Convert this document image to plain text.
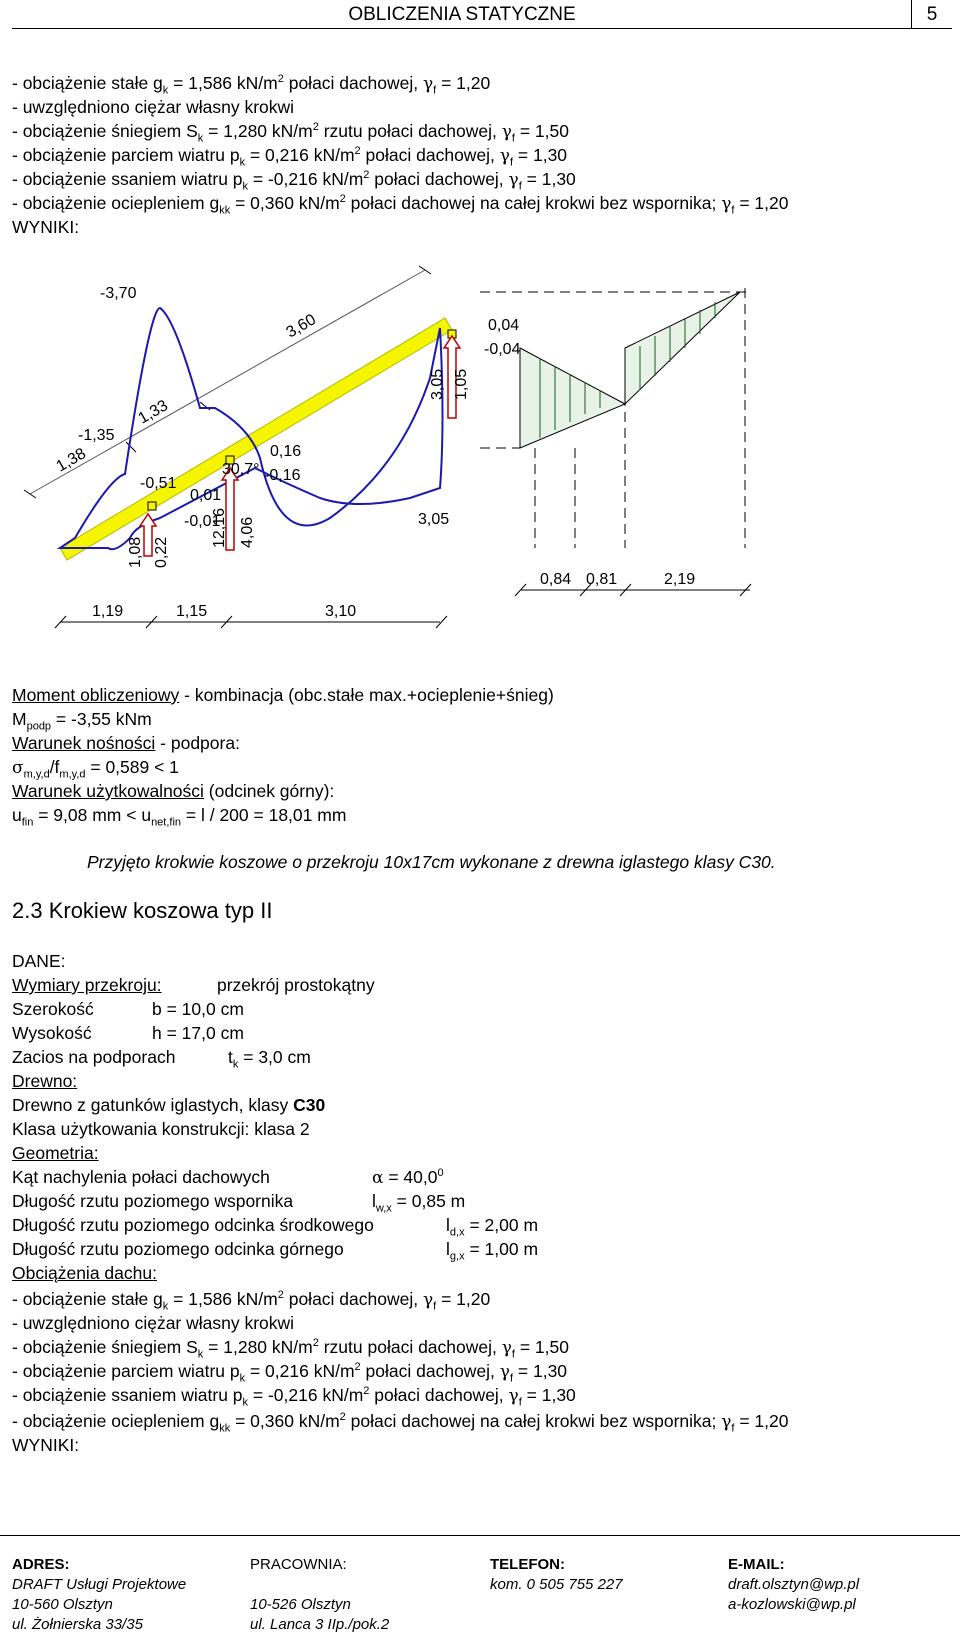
OBLICZENIA STATYCZNE	5
- obciążenie stałe $g_k = 1,586$ $kN/m^2$ połaci dachowej, $\gamma_f = 1,20$
- uwzględniono ciężar własny krokwi
- obciążenie śniegiem $S_k = 1,280$ $kN/m^2$ rzutu połaci dachowej, $\gamma_f = 1,50$
- obciążenie parciem wiatru $p_k = 0,216$ $kN/m^2$ połaci dachowej, $\gamma_f = 1,30$
- obciążenie ssaniem wiatru $p_k = -0,216$ $kN/m^2$ połaci dachowej, $\gamma_f = 1,30$
- obciążenie ociepleniem $g_{kk} = 0,360$ $kN/m^2$ połaci dachowej na całej krokwi bez wspornika; $\gamma_f = 1,20$
WYNIKI:
-3,70
3,60
1,33
-1,35
1,38
-0,51
0,01
-0,01
30,7°
0,16
-0,16
3,05 1,05
3,05
0,04
-0,04
1,08 0,22
12,16 4,06
1,19	1,15	3,10
0,84 0,81	2,19
Moment obliczeniowy - kombinacja (obc.stałe max.+ocieplenie+śnieg)
$M_{podp} = -3,55$ kNm
Warunek nośności - podpora:
$\sigma_{m,y,d}/f_{m,y,d} = 0,589 < 1$
Warunek użytkowalności (odcinek górny):
$u_{fin} = 9,08$ mm < $u_{net,fin} = l / 200 = 18,01$ mm
Przyjęto krokwie koszowe o przekroju 10x17cm wykonane z drewna iglastego klasy C30.
2.3 Krokiew koszowa typ II
DANE:
Wymiary przekroju:	przekrój prostokątny
Szerokość	b = 10,0 cm
Wysokość	h = 17,0 cm
Zacios na podporach	$t_k = 3,0$ cm
Drewno:
Drewno z gatunków iglastych, klasy C30
Klasa użytkowania konstrukcji: klasa 2
Geometria:
Kąt nachylenia połaci dachowych	$\alpha = 40,0^0$
Długość rzutu poziomego wspornika	$l_{w,x} = 0,85$ m
Długość rzutu poziomego odcinka środkowego	$l_{d,x} = 2,00$ m
Długość rzutu poziomego odcinka górnego	$l_{g,x} = 1,00$ m
Obciążenia dachu:
- obciążenie stałe $g_k = 1,586$ $kN/m^2$ połaci dachowej, $\gamma_f = 1,20$
- uwzględniono ciężar własny krokwi
- obciążenie śniegiem $S_k = 1,280$ $kN/m^2$ rzutu połaci dachowej, $\gamma_f = 1,50$
- obciążenie parciem wiatru $p_k = 0,216$ $kN/m^2$ połaci dachowej, $\gamma_f = 1,30$
- obciążenie ssaniem wiatru $p_k = -0,216$ $kN/m^2$ połaci dachowej, $\gamma_f = 1,30$
- obciążenie ociepleniem $g_{kk} = 0,360$ $kN/m^2$ połaci dachowej na całej krokwi bez wspornika; $\gamma_f = 1,20$
WYNIKI:
ADRES:
DRAFT Usługi Projektowe
10-560 Olsztyn
ul. Żołnierska 33/35
PRACOWNIA:
10-526 Olsztyn
ul. Lanca 3 IIp./pok.2
TELEFON:
kom. 0 505 755 227
E-MAIL:
draft.olsztyn@wp.pl
a-kozlowski@wp.pl
